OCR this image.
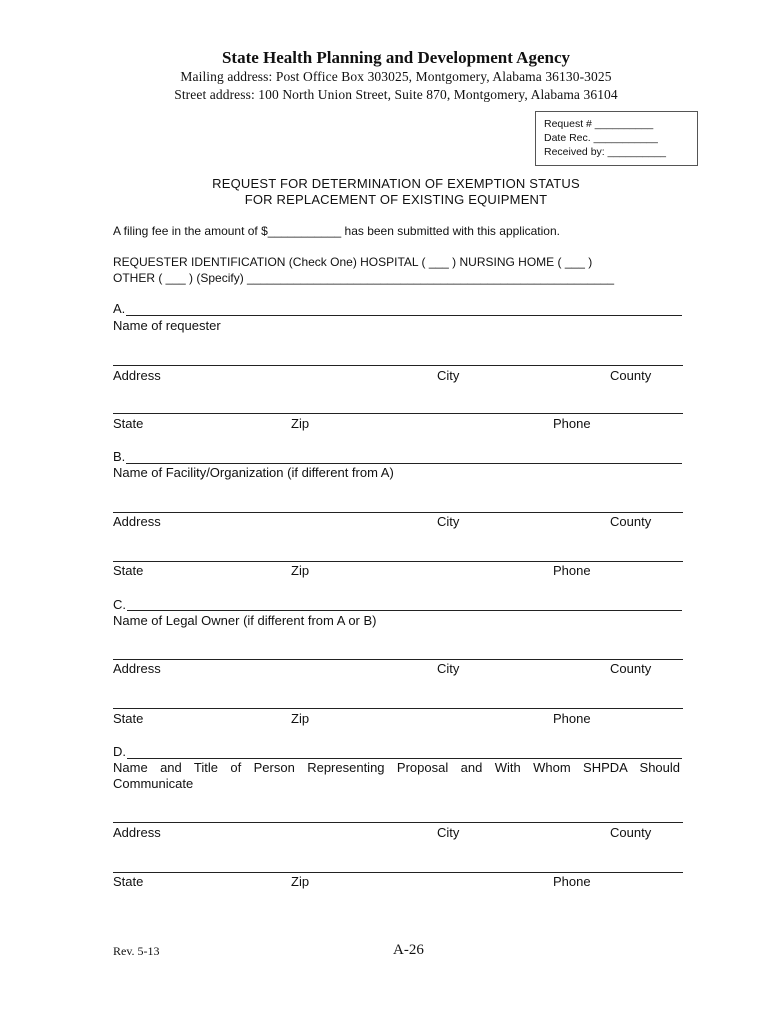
State Health Planning and Development Agency
Mailing address: Post Office Box 303025, Montgomery, Alabama 36130-3025
Street address: 100 North Union Street, Suite 870, Montgomery, Alabama 36104
Request # __________
Date Rec. ___________
Received by: __________
REQUEST FOR DETERMINATION OF EXEMPTION STATUS
FOR REPLACEMENT OF EXISTING EQUIPMENT
A filing fee in the amount of $___________ has been submitted with this application.
REQUESTER IDENTIFICATION (Check One) HOSPITAL ( ___ ) NURSING HOME ( ___ )
OTHER ( ___ ) (Specify) _______________________________________________________
A.
Name of requester
Address	City	County
State	Zip	Phone
B.
Name of Facility/Organization (if different from A)
Address	City	County
State	Zip	Phone
C.
Name of Legal Owner (if different from A or B)
Address	City	County
State	Zip	Phone
D.
Name and Title of Person Representing Proposal and With Whom SHPDA Should
Communicate
Address	City	County
State	Zip	Phone
Rev. 5-13	A-26
